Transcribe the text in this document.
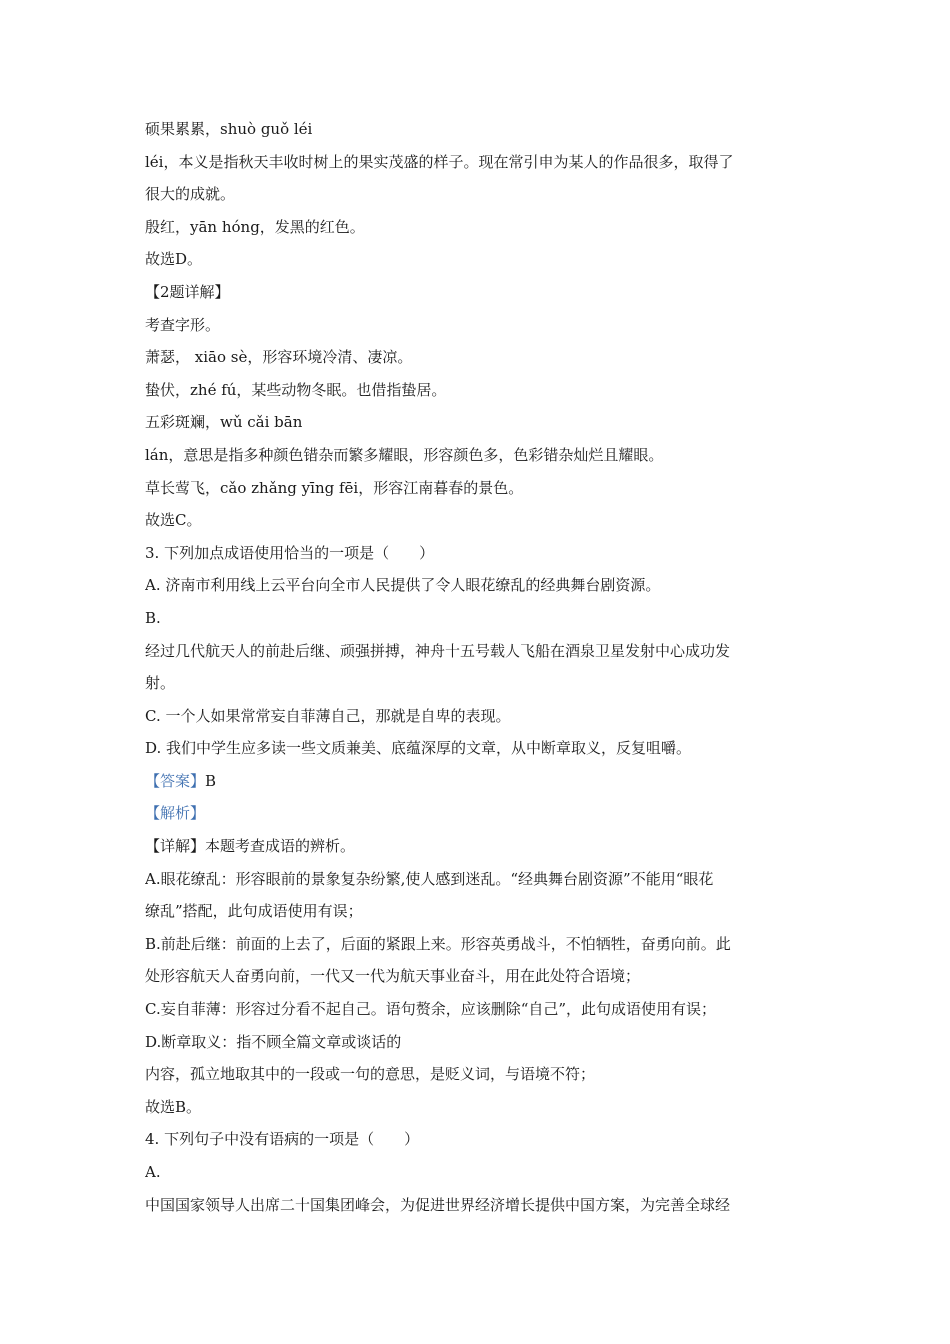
硕果累累，shuò guǒ léi
léi，本义是指秋天丰收时树上的果实茂盛的样子。现在常引申为某人的作品很多，取得了
很大的成就。
殷红，yān hóng，发黑的红色。
故选D。
【2题详解】
考查字形。
萧瑟， xiāo sè，形容环境冷清、凄凉。
蛰伏，zhé fú，某些动物冬眠。也借指蛰居。
五彩斑斓，wǔ cǎi bān
lán，意思是指多种颜色错杂而繁多耀眼，形容颜色多，色彩错杂灿烂且耀眼。
草长莺飞，cǎo zhǎng yīng fēi，形容江南暮春的景色。
故选C。
3. 下列加点成语使用恰当的一项是（　　）
A. 济南市利用线上云平台向全市人民提供了令人眼花缭乱的经典舞台剧资源。
B.
经过几代航天人的前赴后继、顽强拼搏，神舟十五号载人飞船在酒泉卫星发射中心成功发
射。
C. 一个人如果常常妄自菲薄自己，那就是自卑的表现。
D. 我们中学生应多读一些文质兼美、底蕴深厚的文章，从中断章取义，反复咀嚼。
【答案】B
【解析】
【详解】本题考查成语的辨析。
A.眼花缭乱：形容眼前的景象复杂纷繁,使人感到迷乱。“经典舞台剧资源”不能用“眼花
缭乱”搭配，此句成语使用有误；
B.前赴后继：前面的上去了，后面的紧跟上来。形容英勇战斗，不怕牺牲，奋勇向前。此
处形容航天人奋勇向前，一代又一代为航天事业奋斗，用在此处符合语境；
C.妄自菲薄：形容过分看不起自己。语句赘余，应该删除“自己”，此句成语使用有误；
D.断章取义：指不顾全篇文章或谈话的
内容，孤立地取其中的一段或一句的意思，是贬义词，与语境不符；
故选B。
4. 下列句子中没有语病的一项是（　　）
A.
中国国家领导人出席二十国集团峰会，为促进世界经济增长提供中国方案，为完善全球经
